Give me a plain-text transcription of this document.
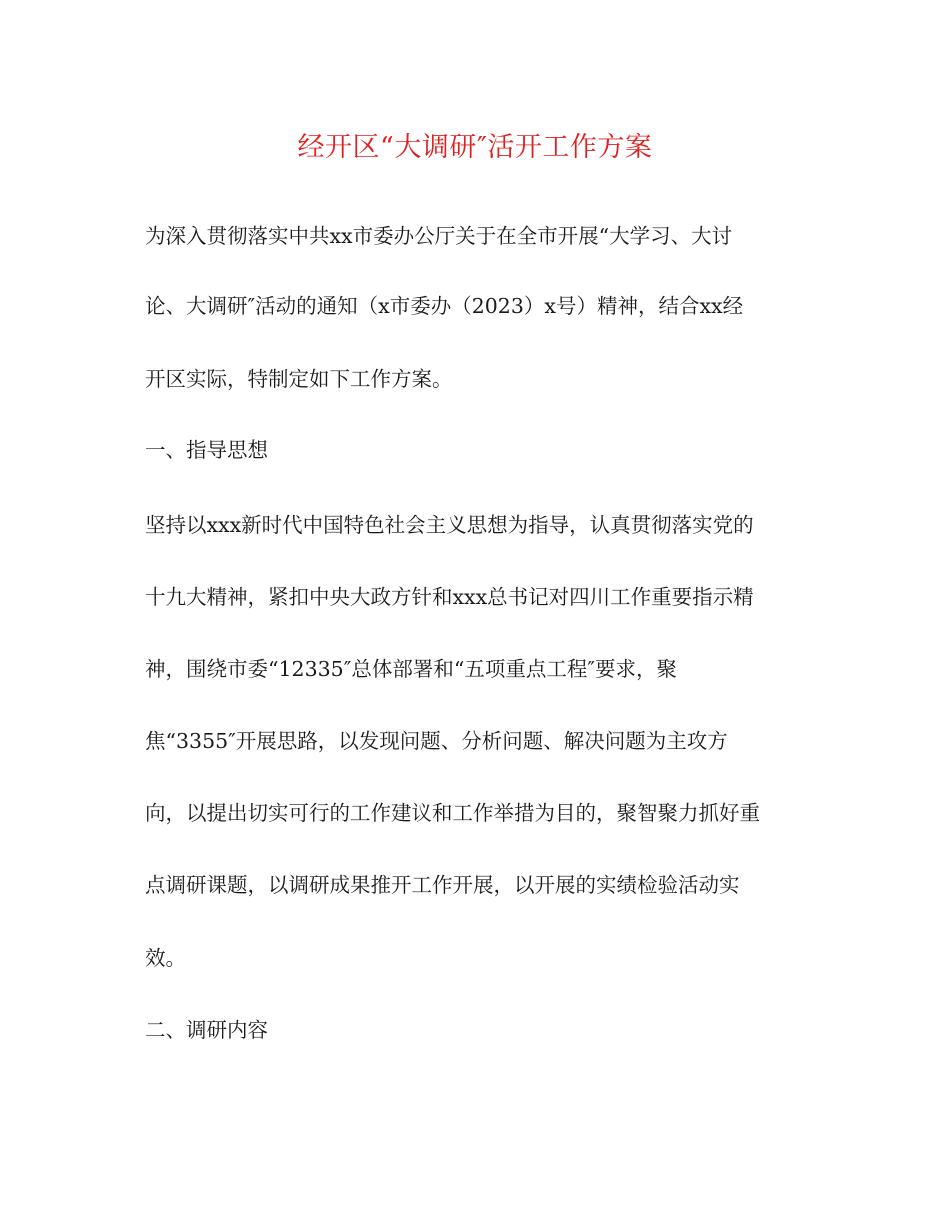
经开区“大调研″活开工作方案

为深入贯彻落实中共xx市委办公厅关于在全市开展“大学习、大讨

论、大调研″活动的通知（x市委办（2023）x号）精神，结合xx经

开区实际，特制定如下工作方案。

一、指导思想

坚持以xxx新时代中国特色社会主义思想为指导，认真贯彻落实党的

十九大精神，紧扣中央大政方针和xxx总书记对四川工作重要指示精

神，围绕市委“12335″总体部署和“五项重点工程″要求，聚

焦“3355″开展思路，以发现问题、分析问题、解决问题为主攻方

向，以提出切实可行的工作建议和工作举措为目的，聚智聚力抓好重

点调研课题，以调研成果推开工作开展，以开展的实绩检验活动实

效。

二、调研内容
